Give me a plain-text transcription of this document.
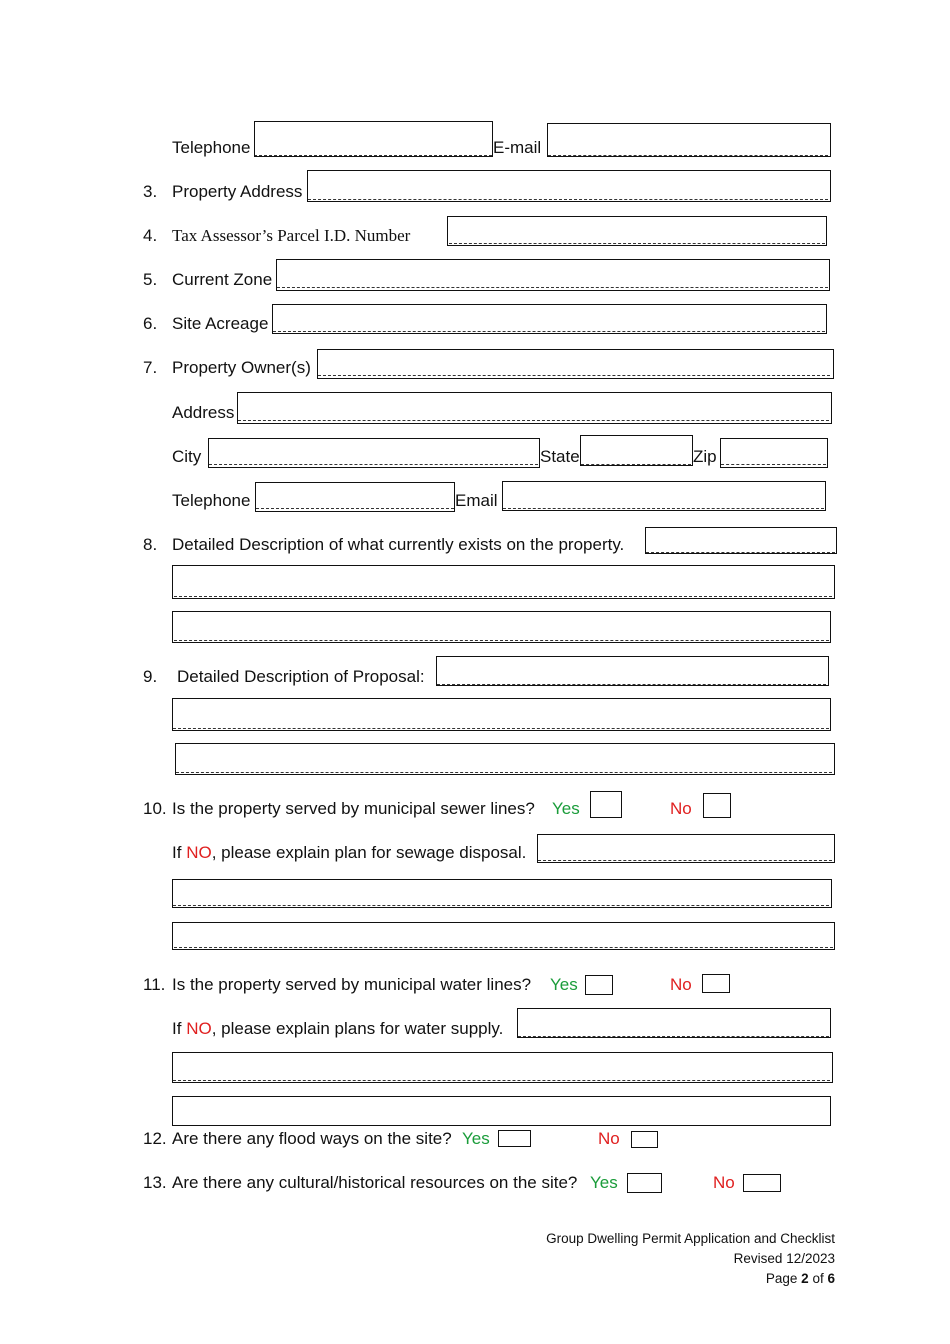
Telephone	E-mail
3. Property Address
4. Tax Assessor’s Parcel I.D. Number
5. Current Zone
6. Site Acreage
7. Property Owner(s)
Address
City	State	Zip
Telephone	Email
8. Detailed Description of what currently exists on the property.
9. Detailed Description of Proposal:
10. Is the property served by municipal sewer lines? Yes	No
If NO, please explain plan for sewage disposal.
11. Is the property served by municipal water lines? Yes	No
If NO, please explain plans for water supply.
12. Are there any flood ways on the site? Yes	No
13. Are there any cultural/historical resources on the site? Yes	No
Group Dwelling Permit Application and Checklist
Revised 12/2023
Page 2 of 6
